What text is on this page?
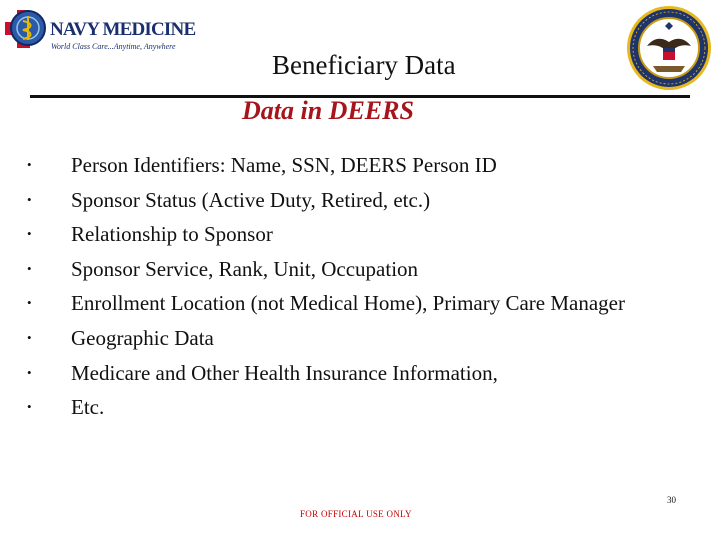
NAVY MEDICINE
World Class Care...Anytime, Anywhere
Beneficiary Data
Data in DEERS
• Person Identifiers: Name, SSN, DEERS Person ID
• Sponsor Status (Active Duty, Retired, etc.)
• Relationship to Sponsor
• Sponsor Service, Rank, Unit, Occupation
• Enrollment Location (not Medical Home), Primary Care Manager
• Geographic Data
• Medicare and Other Health Insurance Information,
• Etc.
30
FOR OFFICIAL USE ONLY
